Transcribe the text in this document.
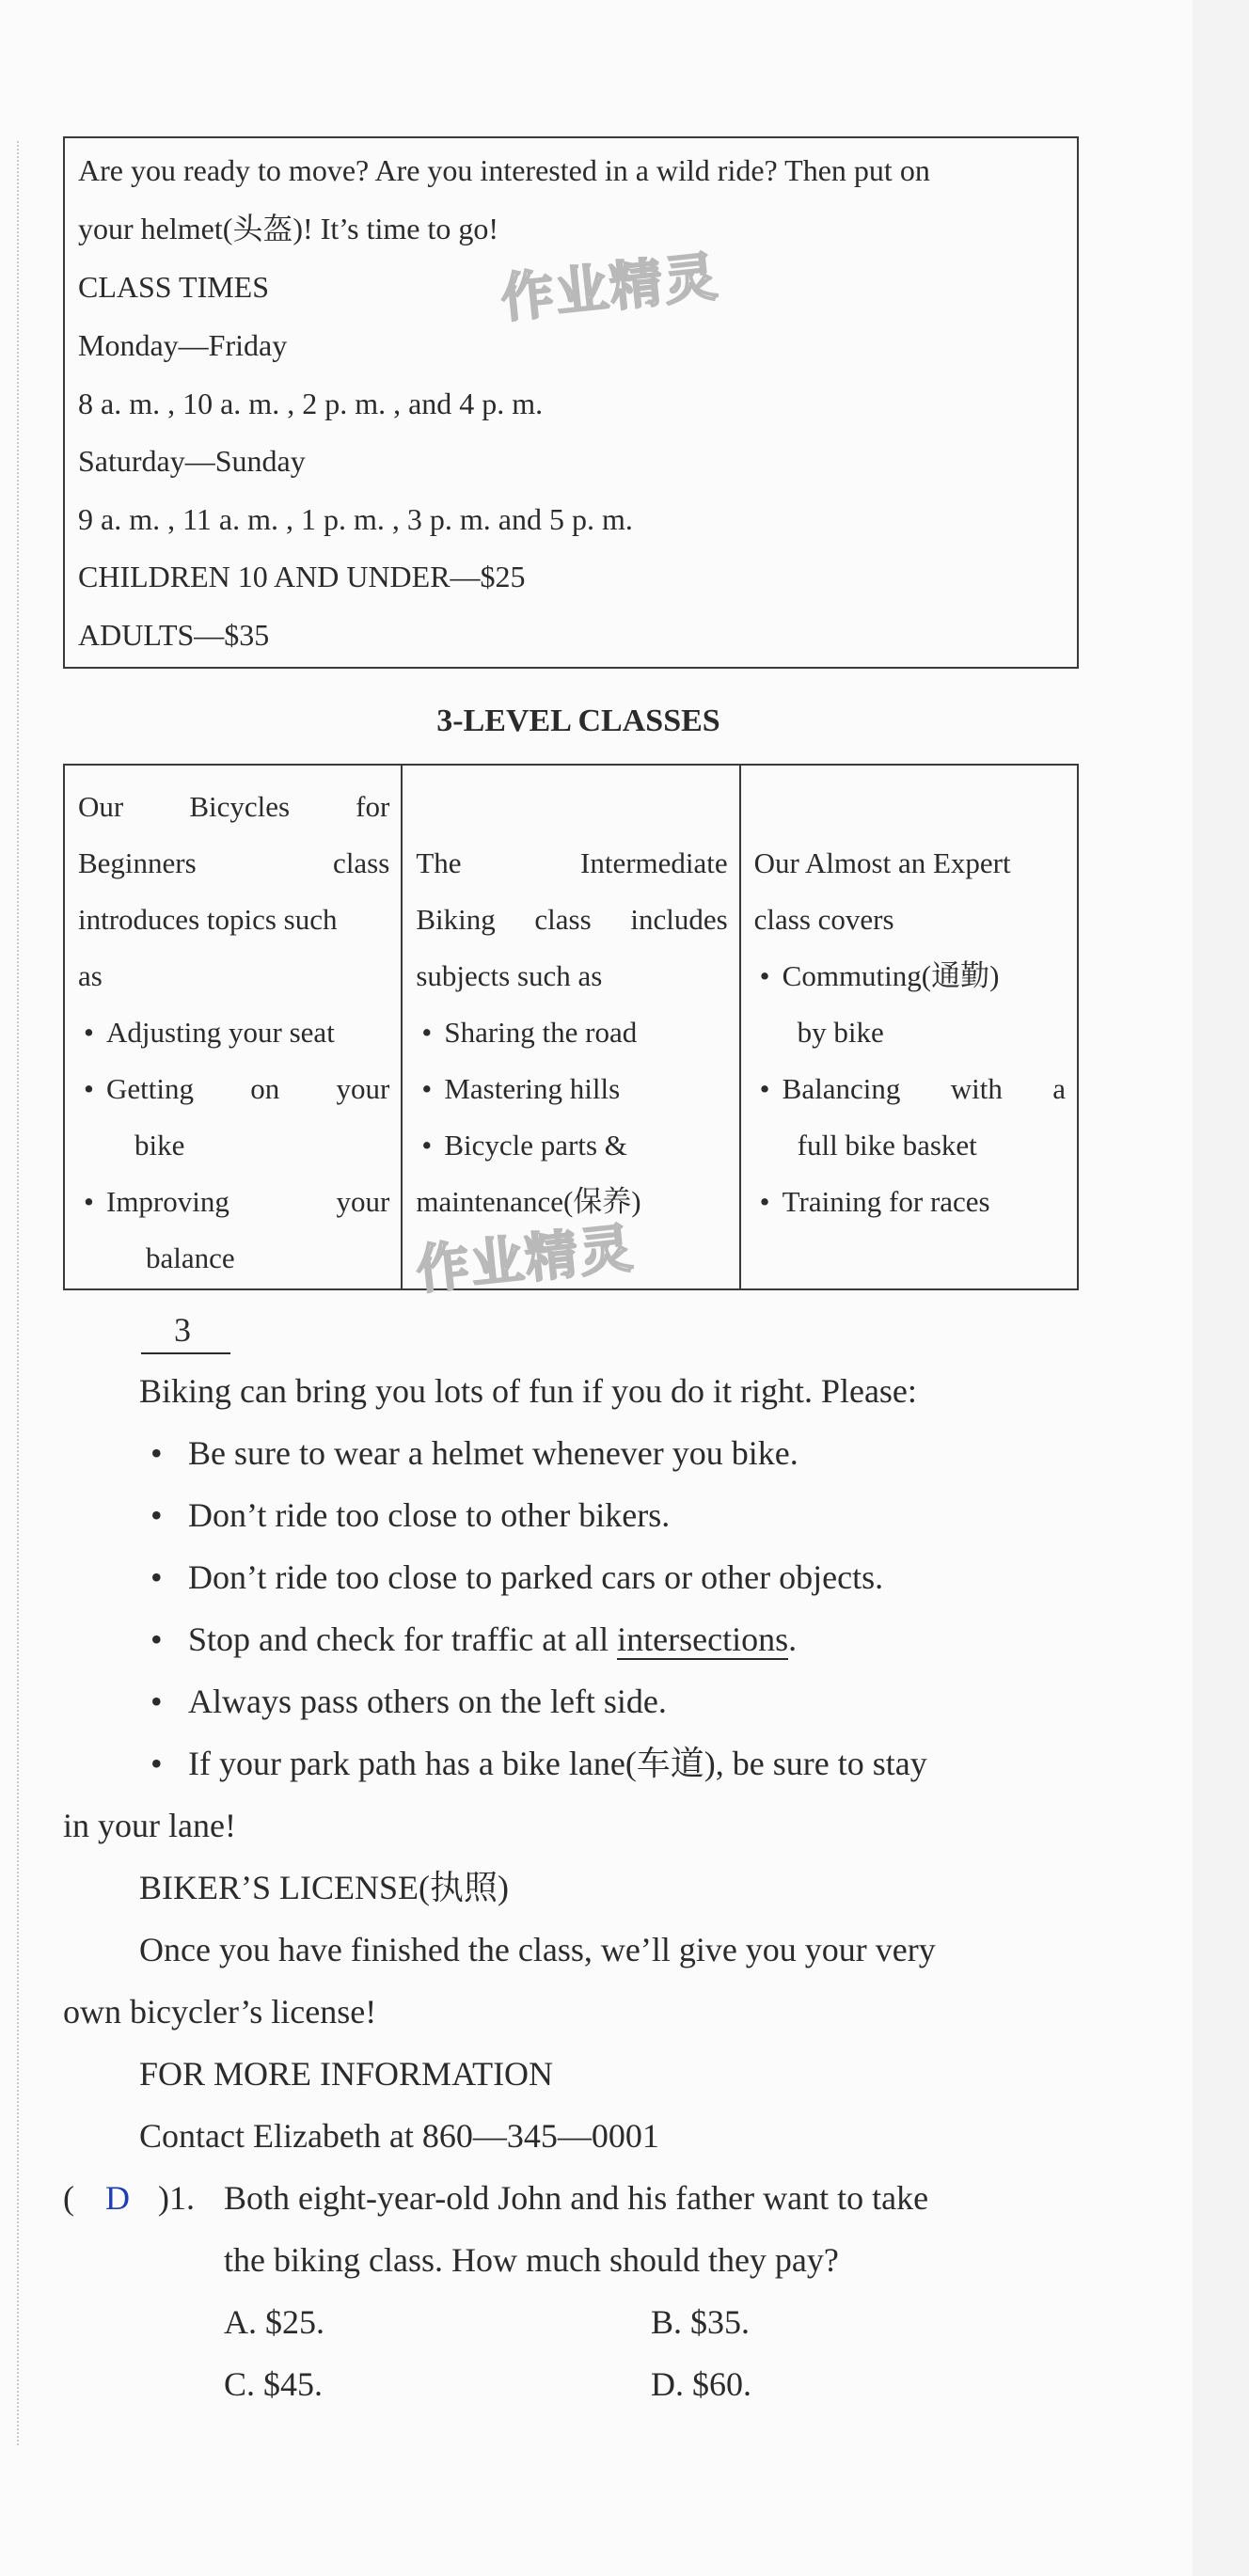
Are you ready to move? Are you interested in a wild ride? Then put on
your helmet(头盔)! It’s time to go!
CLASS TIMES
Monday—Friday
8 a. m. , 10 a. m. , 2 p. m. , and 4 p. m.
Saturday—Sunday
9 a. m. , 11 a. m. , 1 p. m. , 3 p. m. and 5 p. m.
CHILDREN 10 AND UNDER—$25
ADULTS—$35
作业精灵
3-LEVEL CLASSES
Our Bicycles for
Beginners class
introduces topics such
as
• Adjusting your seat
• Getting on your
bike
• Improving your
balance

The Intermediate
Biking class includes
subjects such as
• Sharing the road
• Mastering hills
• Bicycle parts &
maintenance(保养)

Our Almost an Expert
class covers
• Commuting(通勤)
by bike
• Balancing with a
full bike basket
• Training for races
作业精灵
3
Biking can bring you lots of fun if you do it right. Please:
• Be sure to wear a helmet whenever you bike.
• Don’t ride too close to other bikers.
• Don’t ride too close to parked cars or other objects.
• Stop and check for traffic at all intersections.
• Always pass others on the left side.
• If your park path has a bike lane(车道), be sure to stay
in your lane!
BIKER’S LICENSE(执照)
Once you have finished the class, we’ll give you your very
own bicycler’s license!
FOR MORE INFORMATION
Contact Elizabeth at 860—345—0001
( D )1. Both eight-year-old John and his father want to take
the biking class. How much should they pay?
A. $25.	B. $35.
C. $45.	D. $60.
